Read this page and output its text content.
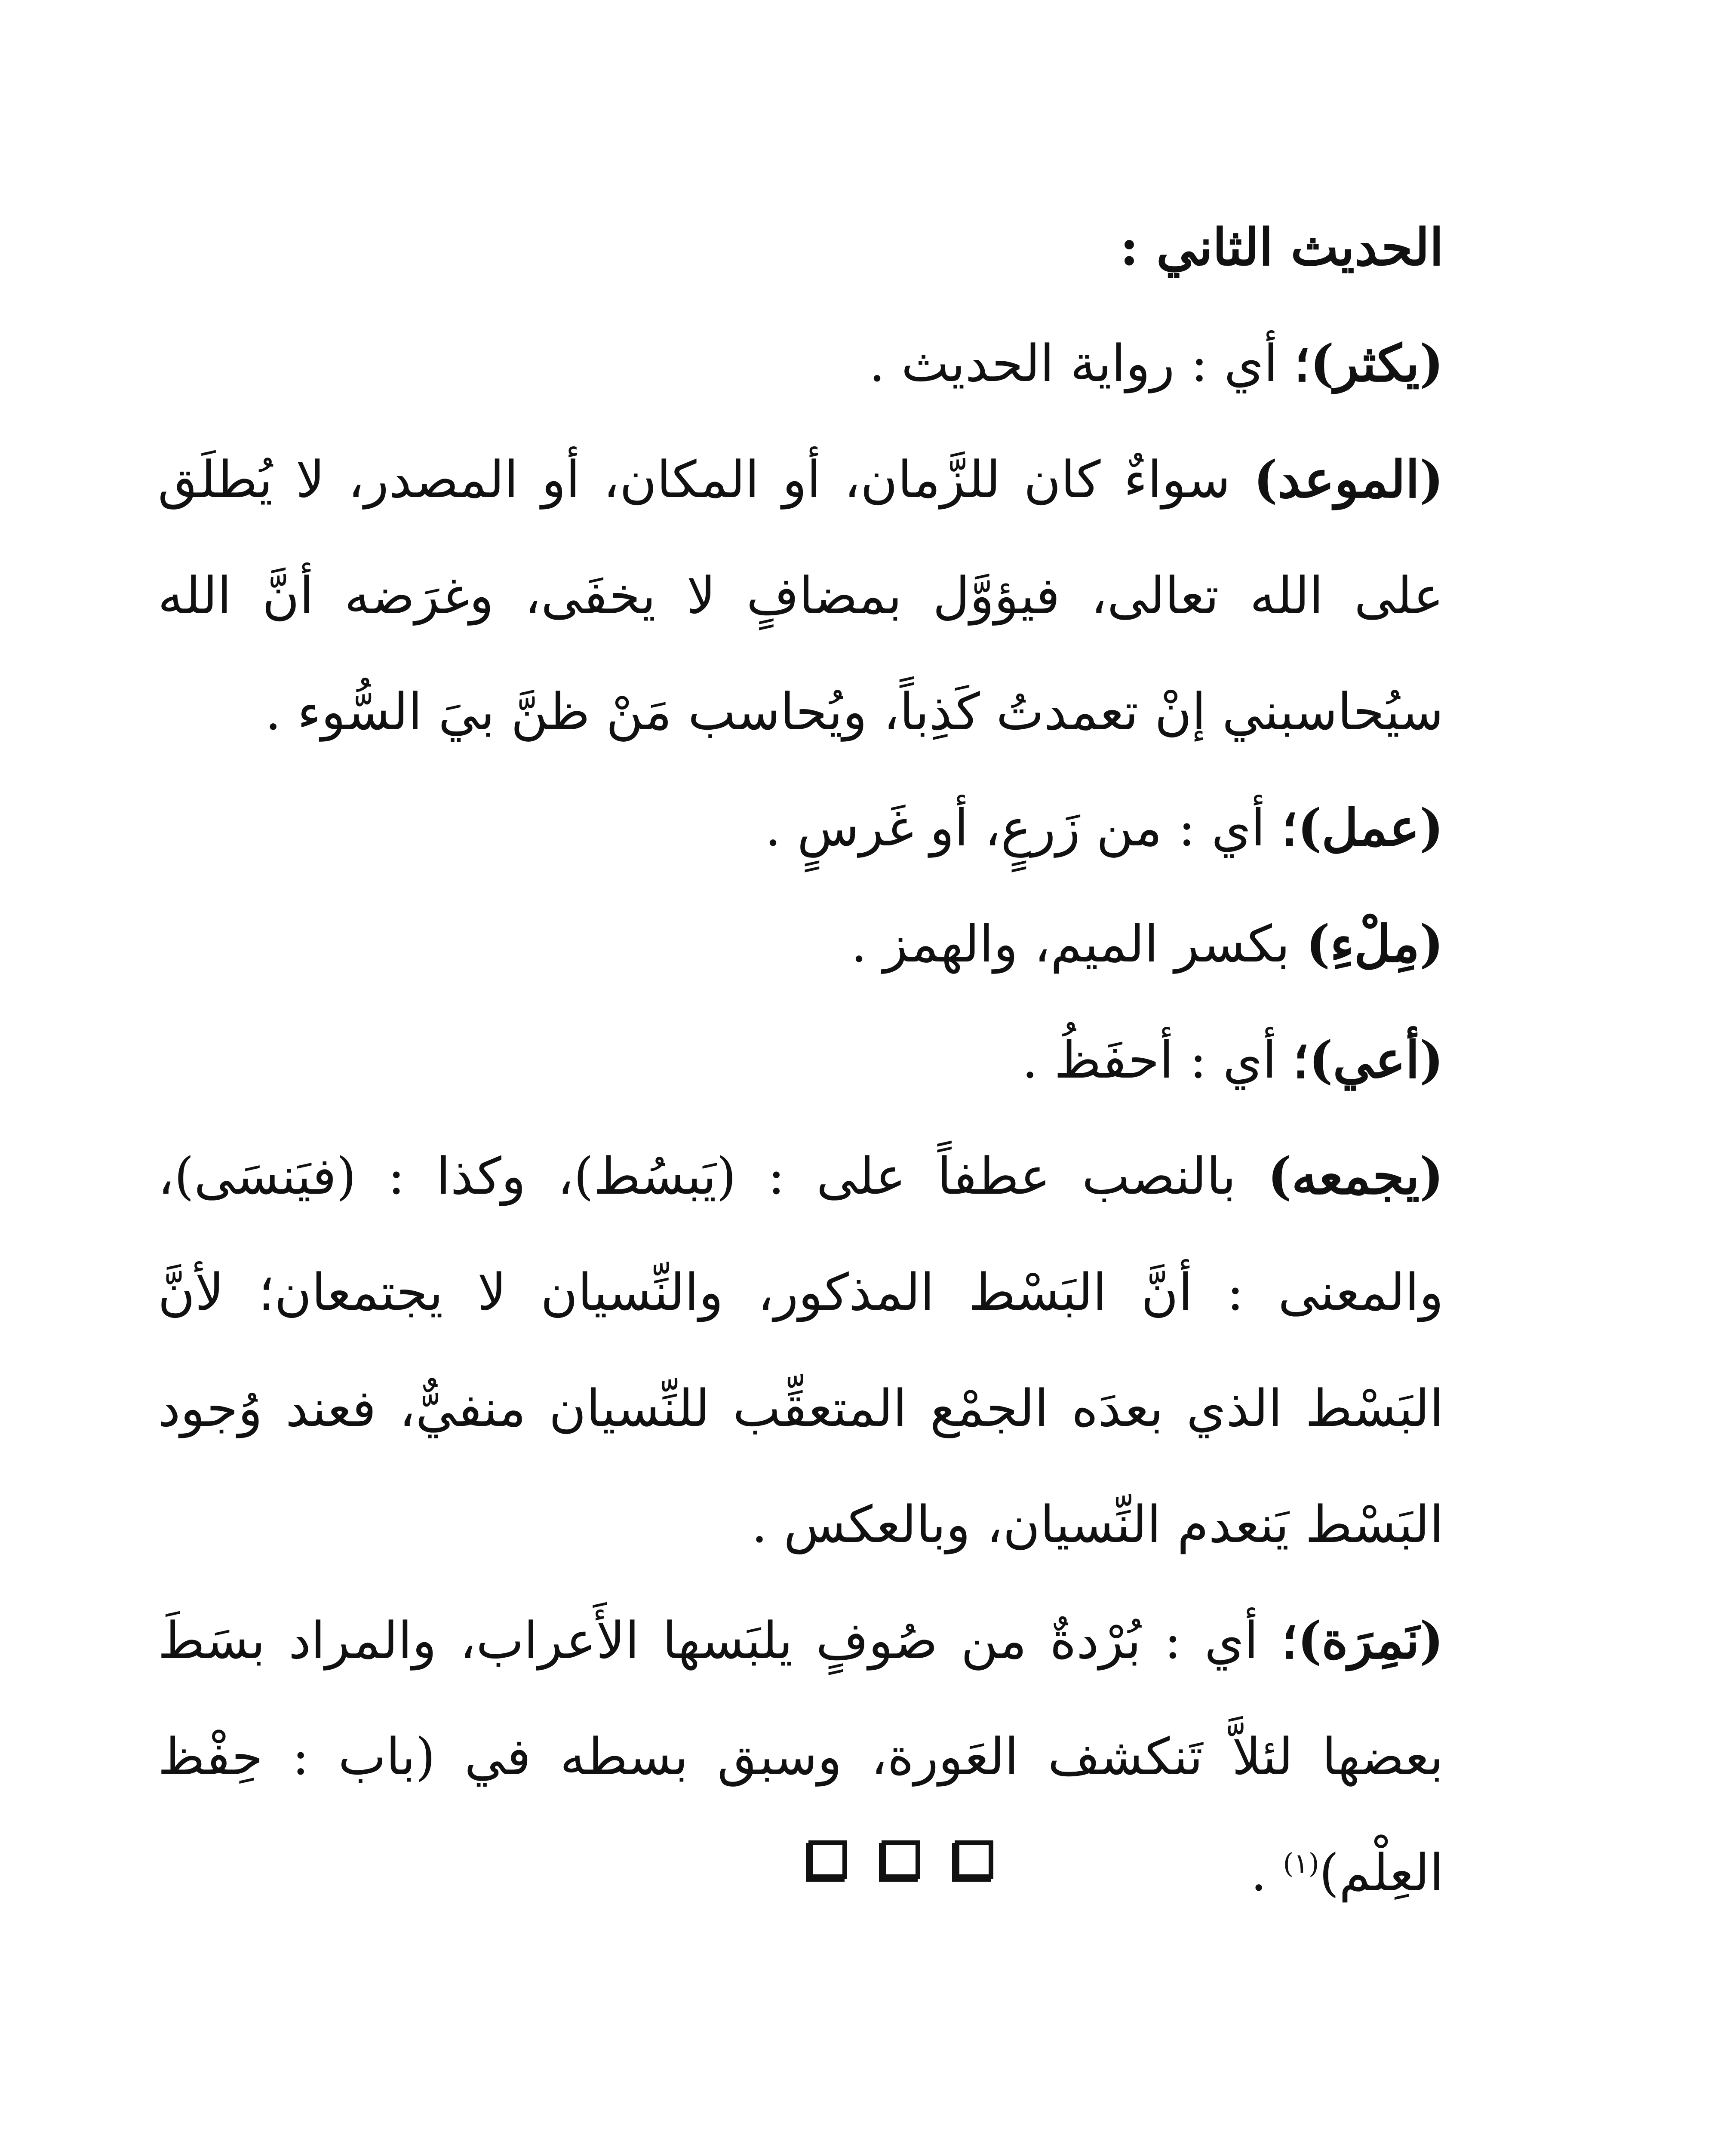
الحديث الثاني :

(يكثر)؛ أي : رواية الحديث .

(الموعد) سواءٌ كان للزَّمان، أو المكان، أو المصدر، لا يُطلَق على الله تعالى، فيؤوَّل بمضافٍ لا يخفَى، وغرَضه أنَّ الله سيُحاسبني إنْ تعمدتُ كَذِباً، ويُحاسب مَنْ ظنَّ بيَ السُّوء .

(عمل)؛ أي : من زَرعٍ، أو غَرسٍ .

(مِلْءِ) بكسر الميم، والهمز .

(أعي)؛ أي : أحفَظُ .

(يجمعه) بالنصب عطفاً على : (يَبسُط)، وكذا : (فيَنسَى)، والمعنى : أنَّ البَسْط المذكور، والنِّسيان لا يجتمعان؛ لأنَّ البَسْط الذي بعدَه الجمْع المتعقِّب للنِّسيان منفيٌّ، فعند وُجود البَسْط يَنعدم النِّسيان، وبالعكس .

(نَمِرَة)؛ أي : بُرْدةٌ من صُوفٍ يلبَسها الأَعراب، والمراد بسَطَ بعضها لئلاَّ تَنكشف العَورة، وسبق بسطه في (باب : حِفْظ العِلْم)$^{(١)}$ .
